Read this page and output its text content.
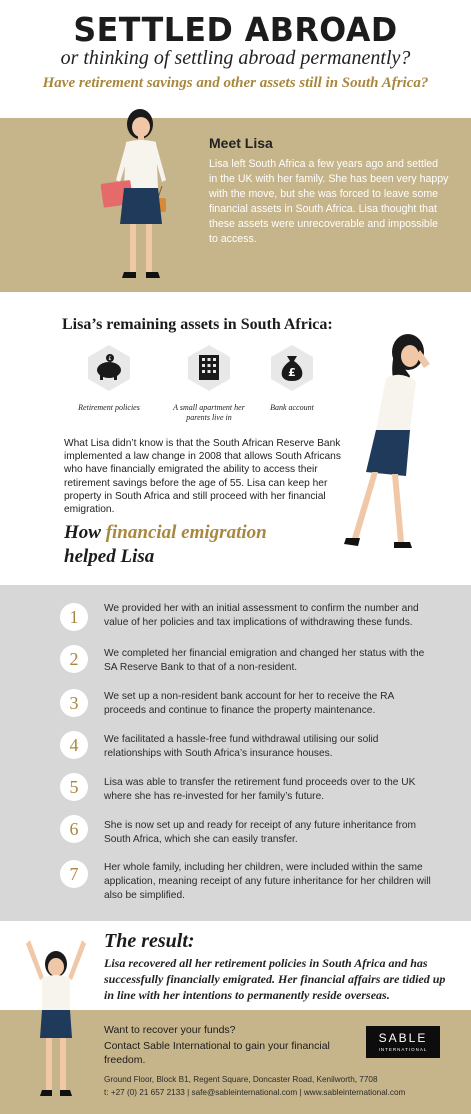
SETTLED ABROAD
or thinking of settling abroad permanently?
Have retirement savings and other assets still in South Africa?
Meet Lisa
Lisa left South Africa a few years ago and settled in the UK with her family. She has been very happy with the move, but she was forced to leave some financial assets in South Africa. Lisa thought that these assets were unrecoverable and impossible to access.
Lisa’s remaining assets in South Africa:
£
Retirement policies	A small apartment her parents live in
£
Bank account
What Lisa didn’t know is that the South African Reserve Bank implemented a law change in 2008 that allows South Africans who have financially emigrated the ability to access their retirement savings before the age of 55. Lisa can keep her property in South Africa and still proceed with her financial emigration.
How financial emigration
helped Lisa
1	We provided her with an initial assessment to confirm the number and value of her policies and tax implications of withdrawing these funds.
2	We completed her financial emigration and changed her status with the SA Reserve Bank to that of a non-resident.
3	We set up a non-resident bank account for her to receive the RA proceeds and continue to finance the property maintenance.
4	We facilitated a hassle-free fund withdrawal utilising our solid relationships with South Africa’s insurance houses.
5	Lisa was able to transfer the retirement fund proceeds over to the UK where she has re-invested for her family’s future.
6	She is now set up and ready for receipt of any future inheritance from South Africa, which she can easily transfer.
7	Her whole family, including her children, were included within the same application, meaning receipt of any future inheritance for her children will also be simplified.
The result:
Lisa recovered all her retirement policies in South Africa and has successfully financially emigrated. Her financial affairs are tidied up in line with her intentions to permanently reside overseas.
Want to recover your funds?
Contact Sable International to gain your financial freedom.
SABLE
INTERNATIONAL
Ground Floor, Block B1, Regent Square, Doncaster Road, Kenilworth, 7708
t: +27 (0) 21 657 2133 | safe@sableinternational.com | www.sableinternational.com
